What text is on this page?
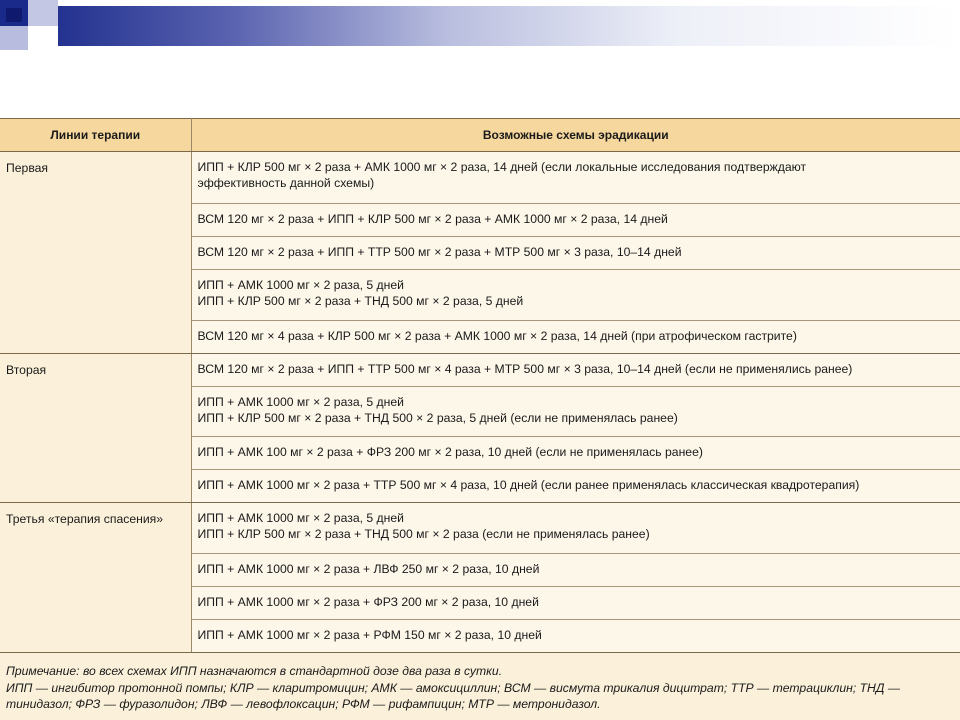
Линии терапии	Возможные схемы эрадикации
Первая	ИПП + КЛР 500 мг × 2 раза + АМК 1000 мг × 2 раза, 14 дней (если локальные исследования подтверждают
эффективность данной схемы)

	ВСМ 120 мг × 2 раза + ИПП + КЛР 500 мг × 2 раза + АМК 1000 мг × 2 раза, 14 дней

	ВСМ 120 мг × 2 раза + ИПП + ТТР 500 мг × 2 раза + МТР 500 мг × 3 раза, 10–14 дней

	ИПП + АМК 1000 мг × 2 раза, 5 дней
ИПП + КЛР 500 мг × 2 раза + ТНД 500 мг × 2 раза, 5 дней

	ВСМ 120 мг × 4 раза + КЛР 500 мг × 2 раза + АМК 1000 мг × 2 раза, 14 дней (при атрофическом гастрите)

Вторая	ВСМ 120 мг × 2 раза + ИПП + ТТР 500 мг × 4 раза + МТР 500 мг × 3 раза, 10–14 дней (если не применялись ранее)

	ИПП + АМК 1000 мг × 2 раза, 5 дней
ИПП + КЛР 500 мг × 2 раза + ТНД 500 × 2 раза, 5 дней (если не применялась ранее)

	ИПП + АМК 100 мг × 2 раза + ФРЗ 200 мг × 2 раза, 10 дней (если не применялась ранее)

	ИПП + АМК 1000 мг × 2 раза + ТТР 500 мг × 4 раза, 10 дней (если ранее применялась классическая квадротерапия)

Третья «терапия спасения»	ИПП + АМК 1000 мг × 2 раза, 5 дней
ИПП + КЛР 500 мг × 2 раза + ТНД 500 мг × 2 раза (если не применялась ранее)

	ИПП + АМК 1000 мг × 2 раза + ЛВФ 250 мг × 2 раза, 10 дней

	ИПП + АМК 1000 мг × 2 раза + ФРЗ 200 мг × 2 раза, 10 дней

	ИПП + АМК 1000 мг × 2 раза + РФМ 150 мг × 2 раза, 10 дней
Примечание: во всех схемах ИПП назначаются в стандартной дозе два раза в сутки.
ИПП — ингибитор протонной помпы; КЛР — кларитромицин; АМК — амоксициллин; ВСМ — висмута трикалия дицитрат; ТТР — тетрациклин; ТНД —
тинидазол; ФРЗ — фуразолидон; ЛВФ — левофлоксацин; РФМ — рифампицин; МТР — метронидазол.
